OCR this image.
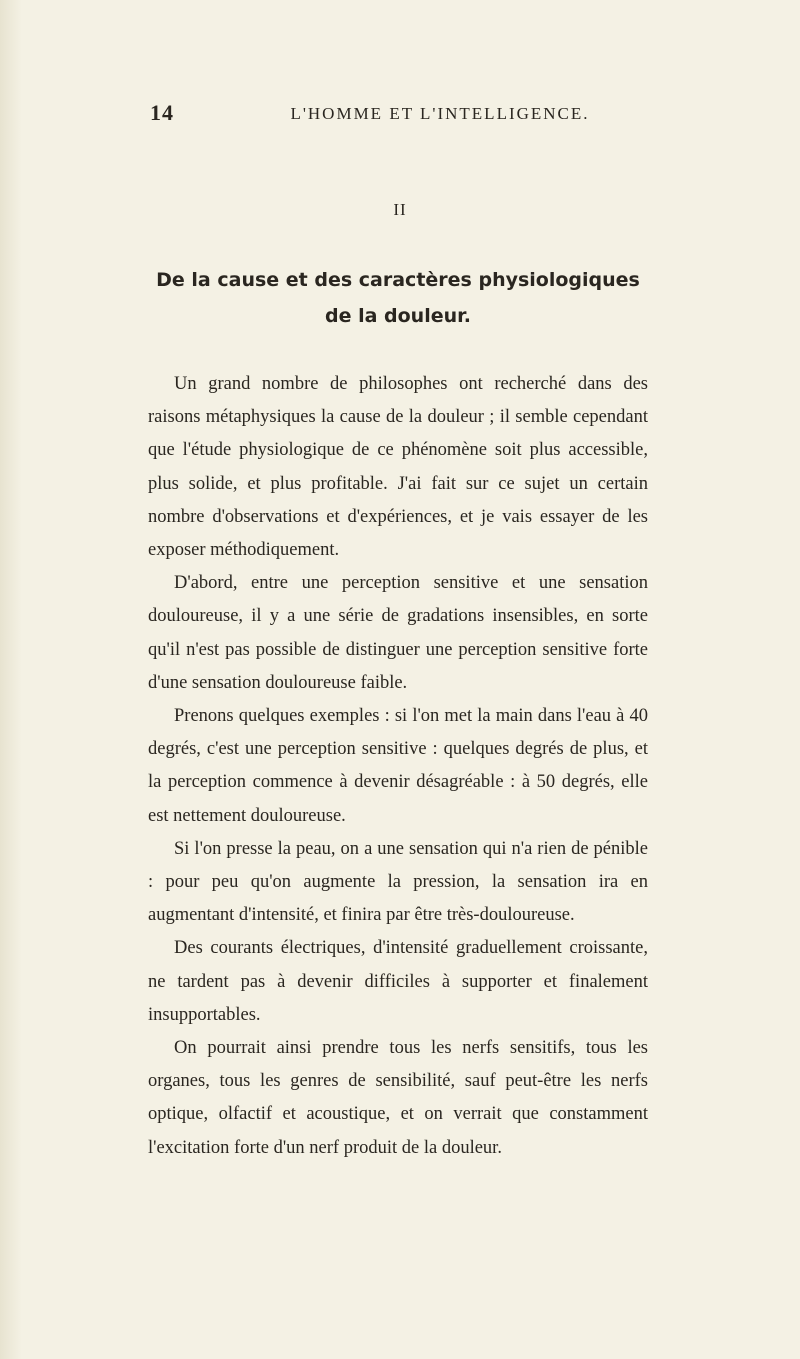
14	L'HOMME ET L'INTELLIGENCE.
II
De la cause et des caractères physiologiques de la douleur.

Un grand nombre de philosophes ont recherché dans des raisons métaphysiques la cause de la douleur ; il semble cependant que l'étude physiologique de ce phénomène soit plus accessible, plus solide, et plus profitable. J'ai fait sur ce sujet un certain nombre d'observations et d'expériences, et je vais essayer de les exposer méthodiquement.

D'abord, entre une perception sensitive et une sensation douloureuse, il y a une série de gradations insensibles, en sorte qu'il n'est pas possible de distinguer une perception sensitive forte d'une sensation douloureuse faible.

Prenons quelques exemples : si l'on met la main dans l'eau à 40 degrés, c'est une perception sensitive : quelques degrés de plus, et la perception commence à devenir désagréable : à 50 degrés, elle est nettement douloureuse.

Si l'on presse la peau, on a une sensation qui n'a rien de pénible : pour peu qu'on augmente la pression, la sensation ira en augmentant d'intensité, et finira par être très-douloureuse.

Des courants électriques, d'intensité graduellement croissante, ne tardent pas à devenir difficiles à supporter et finalement insupportables.

On pourrait ainsi prendre tous les nerfs sensitifs, tous les organes, tous les genres de sensibilité, sauf peut-être les nerfs optique, olfactif et acoustique, et on verrait que constamment l'excitation forte d'un nerf produit de la douleur.
